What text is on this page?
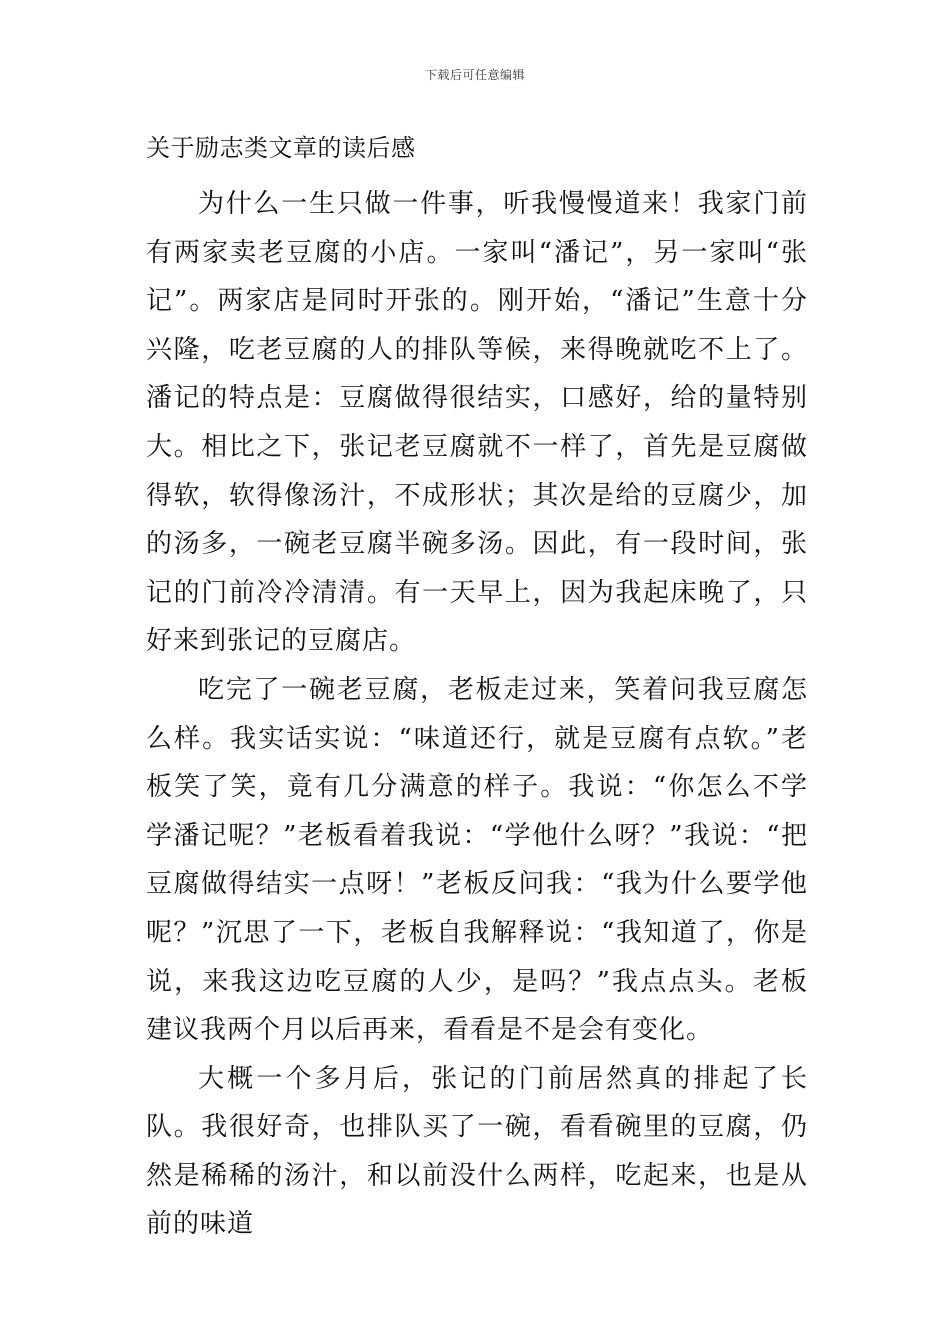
下载后可任意编辑
关于励志类文章的读后感

为什么一生只做一件事，听我慢慢道来！我家门前有两家卖老豆腐的小店。一家叫“潘记”，另一家叫“张记”。两家店是同时开张的。刚开始，“潘记”生意十分兴隆，吃老豆腐的人的排队等候，来得晚就吃不上了。潘记的特点是：豆腐做得很结实，口感好，给的量特别大。相比之下，张记老豆腐就不一样了，首先是豆腐做得软，软得像汤汁，不成形状；其次是给的豆腐少，加的汤多，一碗老豆腐半碗多汤。因此，有一段时间，张记的门前冷冷清清。有一天早上，因为我起床晚了，只好来到张记的豆腐店。

吃完了一碗老豆腐，老板走过来，笑着问我豆腐怎么样。我实话实说：“味道还行，就是豆腐有点软。”老板笑了笑，竟有几分满意的样子。我说：“你怎么不学学潘记呢？”老板看着我说：“学他什么呀？”我说：“把豆腐做得结实一点呀！”老板反问我：“我为什么要学他呢？”沉思了一下，老板自我解释说：“我知道了，你是说，来我这边吃豆腐的人少，是吗？”我点点头。老板建议我两个月以后再来，看看是不是会有变化。

大概一个多月后，张记的门前居然真的排起了长队。我很好奇，也排队买了一碗，看看碗里的豆腐，仍然是稀稀的汤汁，和以前没什么两样，吃起来，也是从前的味道
